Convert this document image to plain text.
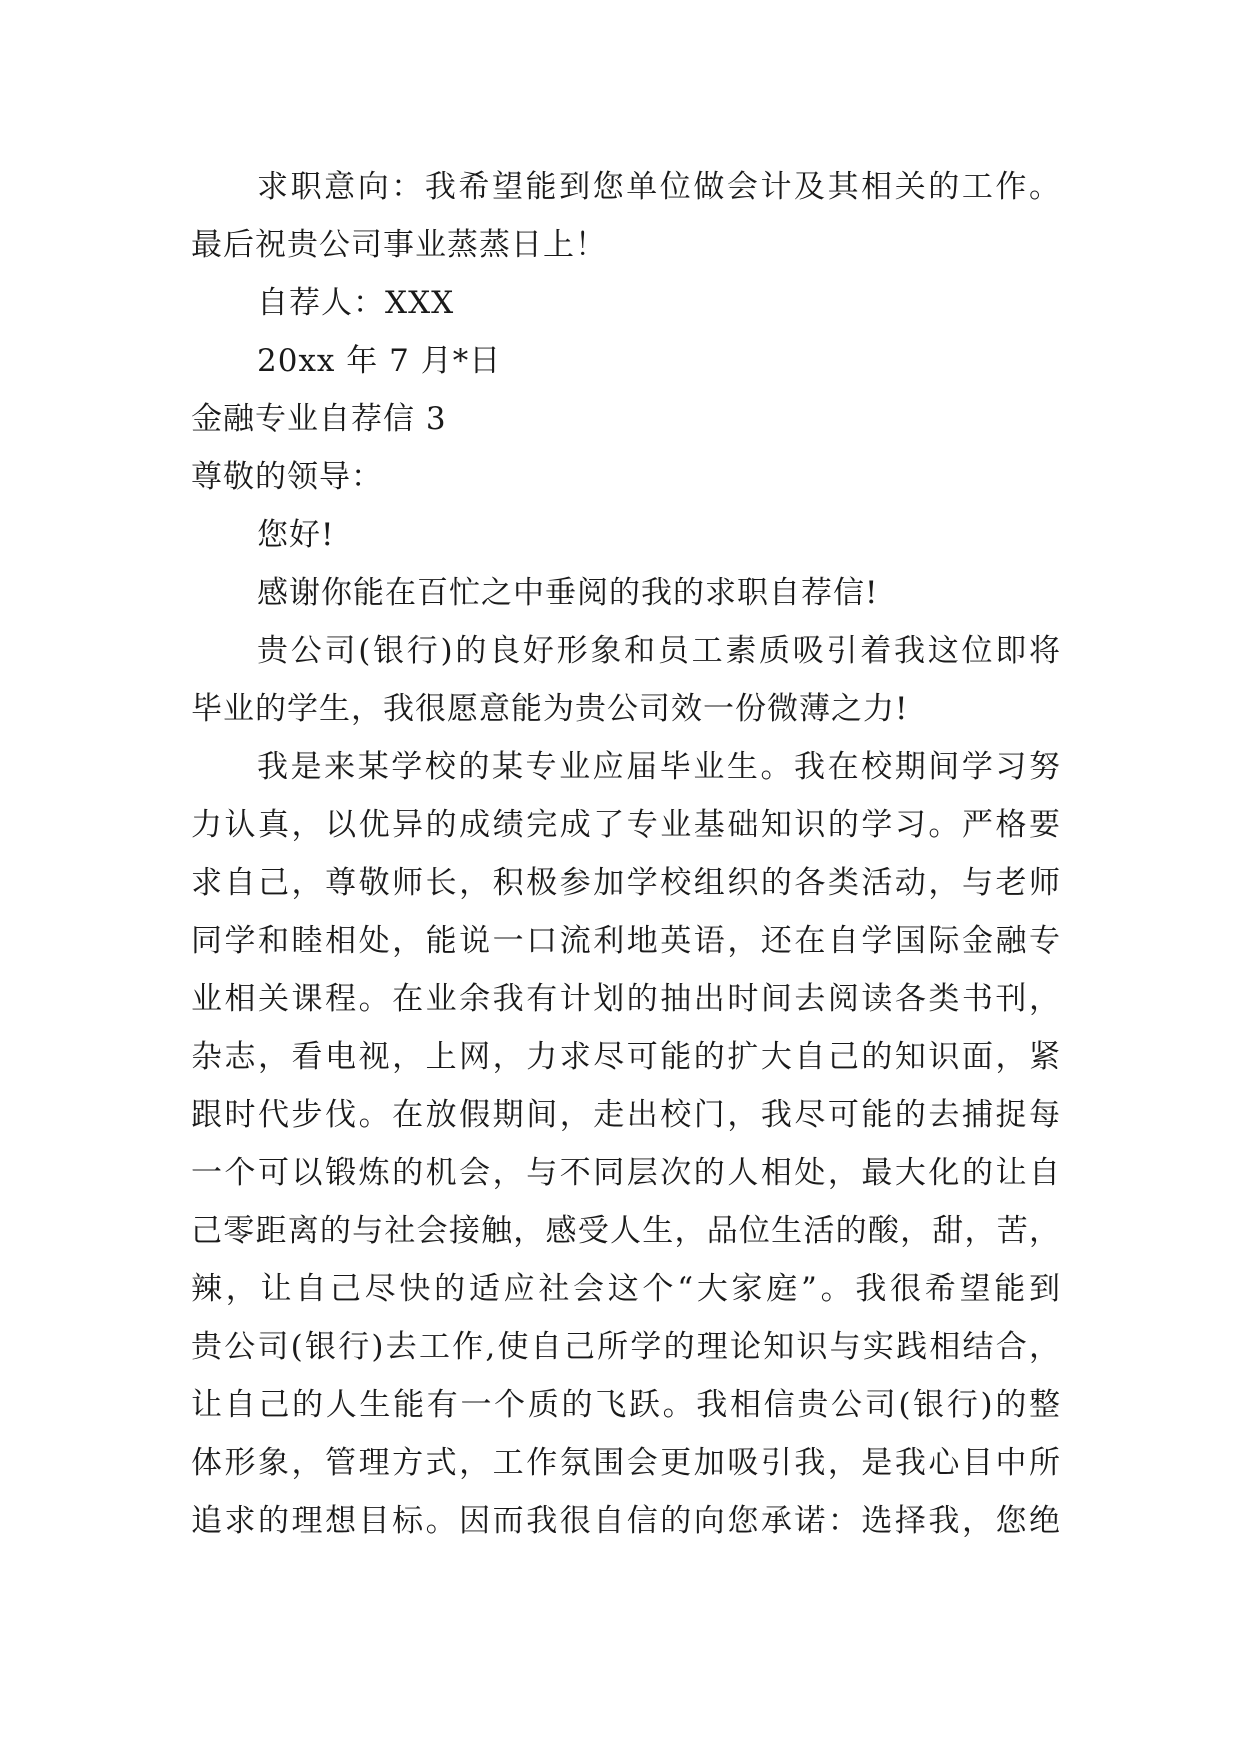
求职意向：我希望能到您单位做会计及其相关的工作。
最后祝贵公司事业蒸蒸日上！
自荐人：XXX
20xx 年 7 月*日
金融专业自荐信 3
尊敬的领导：
您好!
感谢你能在百忙之中垂阅的我的求职自荐信!
贵公司(银行)的良好形象和员工素质吸引着我这位即将
毕业的学生，我很愿意能为贵公司效一份微薄之力!
我是来某学校的某专业应届毕业生。我在校期间学习努
力认真，以优异的成绩完成了专业基础知识的学习。严格要
求自己，尊敬师长，积极参加学校组织的各类活动，与老师
同学和睦相处，能说一口流利地英语，还在自学国际金融专
业相关课程。在业余我有计划的抽出时间去阅读各类书刊，
杂志，看电视，上网，力求尽可能的扩大自己的知识面，紧
跟时代步伐。在放假期间，走出校门，我尽可能的去捕捉每
一个可以锻炼的机会，与不同层次的人相处，最大化的让自
己零距离的与社会接触，感受人生，品位生活的酸，甜，苦，
辣，让自己尽快的适应社会这个“大家庭”。我很希望能到
贵公司(银行)去工作,使自己所学的理论知识与实践相结合，
让自己的人生能有一个质的飞跃。我相信贵公司(银行)的整
体形象，管理方式，工作氛围会更加吸引我，是我心目中所
追求的理想目标。因而我很自信的向您承诺：选择我，您绝
